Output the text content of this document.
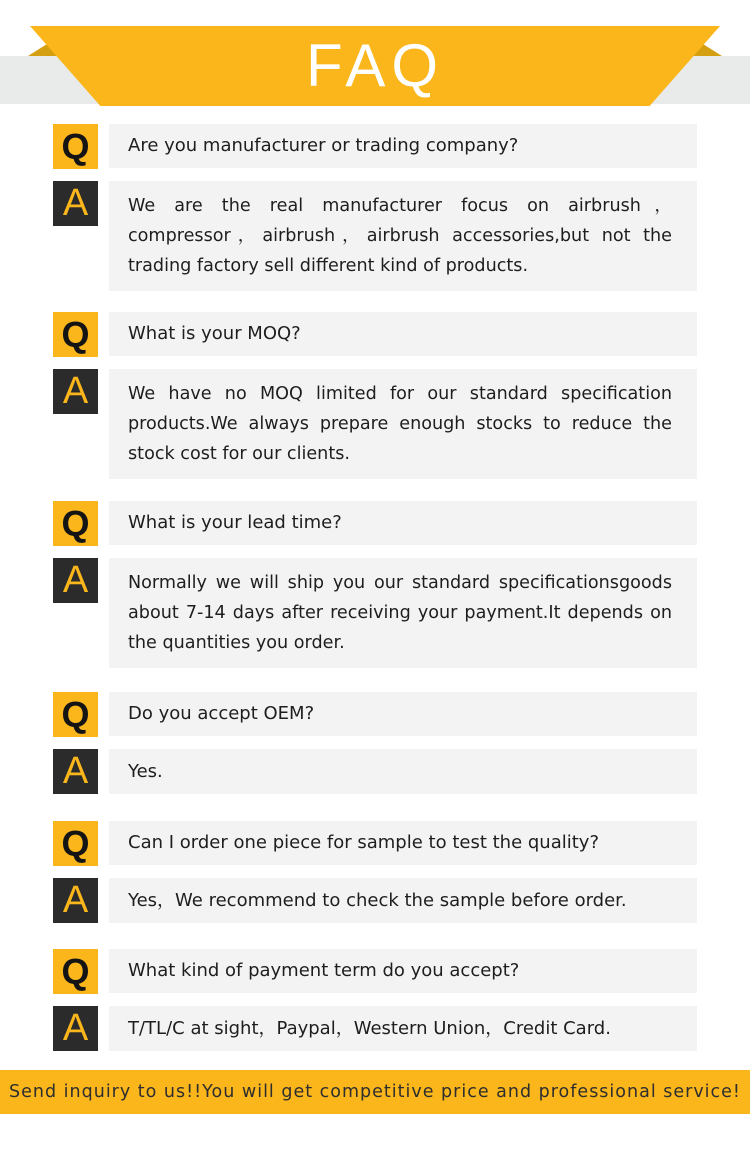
FAQ
Q	Are you manufacturer or trading company?
A	We are the real manufacturer focus on airbrush，compressor，airbrush，airbrush accessories,but not the trading factory sell different kind of products.
Q	What is your MOQ?
A	We have no MOQ limited for our standard specification products.We always prepare enough stocks to reduce the stock cost for our clients.
Q	What is your lead time?
A	Normally we will ship you our standard specificationsgoods about 7-14 days after receiving your payment.It depends on the quantities you order.
Q	Do you accept OEM?
A	Yes.
Q	Can I order one piece for sample to test the quality?
A	Yes，We recommend to check the sample before order.
Q	What kind of payment term do you accept?
A	T/TL/C at sight，Paypal，Western Union，Credit Card.
Send inquiry to us!!You will get competitive price and professional service!
